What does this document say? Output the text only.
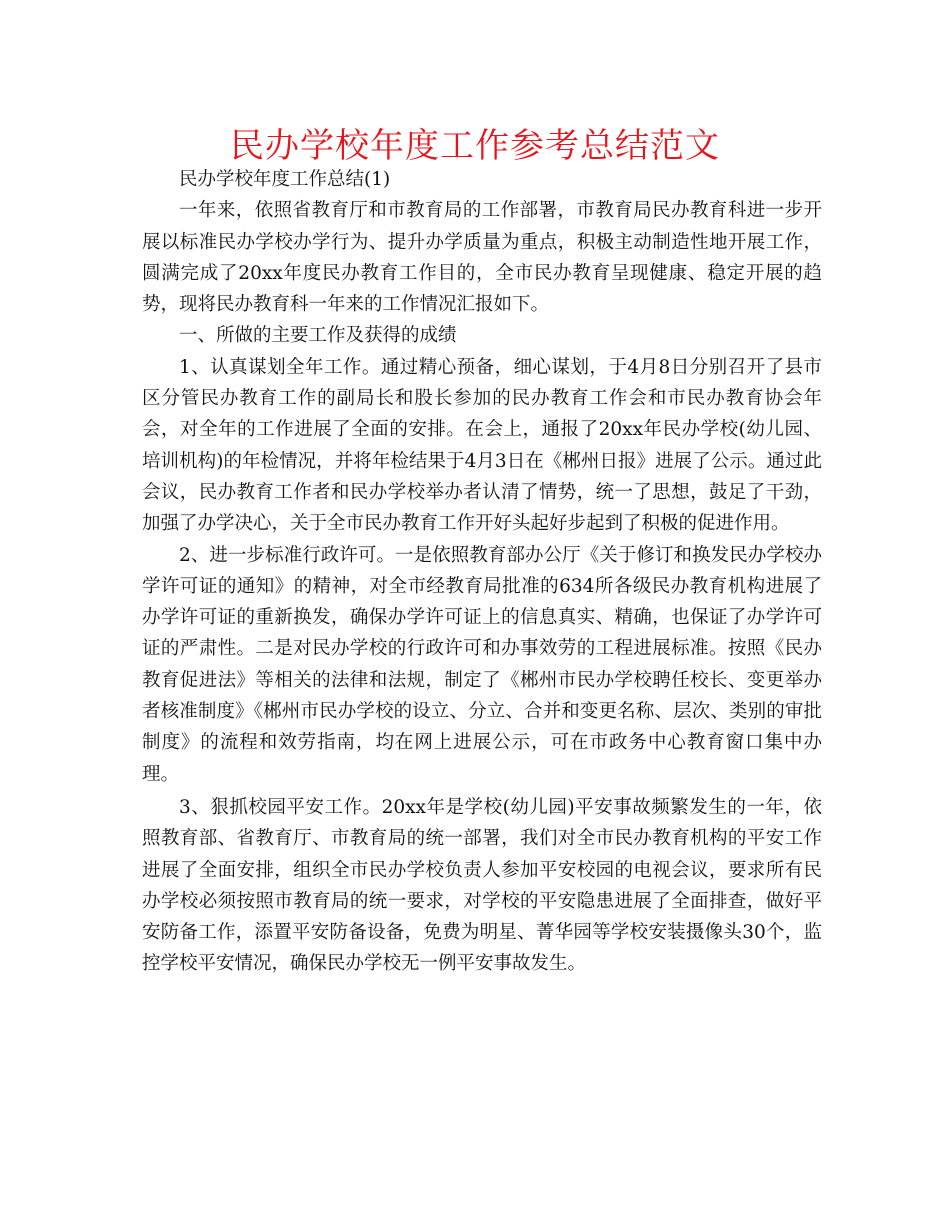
民办学校年度工作参考总结范文

民办学校年度工作总结(1)

一年来，依照省教育厅和市教育局的工作部署，市教育局民办教育科进一步开展以标准民办学校办学行为、提升办学质量为重点，积极主动制造性地开展工作，圆满完成了20xx年度民办教育工作目的，全市民办教育呈现健康、稳定开展的趋势，现将民办教育科一年来的工作情况汇报如下。

一、所做的主要工作及获得的成绩

1、认真谋划全年工作。通过精心预备，细心谋划，于4月8日分别召开了县市区分管民办教育工作的副局长和股长参加的民办教育工作会和市民办教育协会年会，对全年的工作进展了全面的安排。在会上，通报了20xx年民办学校(幼儿园、培训机构)的年检情况，并将年检结果于4月3日在《郴州日报》进展了公示。通过此会议，民办教育工作者和民办学校举办者认清了情势，统一了思想，鼓足了干劲，加强了办学决心，关于全市民办教育工作开好头起好步起到了积极的促进作用。

2、进一步标准行政许可。一是依照教育部办公厅《关于修订和换发民办学校办学许可证的通知》的精神，对全市经教育局批准的634所各级民办教育机构进展了办学许可证的重新换发，确保办学许可证上的信息真实、精确，也保证了办学许可证的严肃性。二是对民办学校的行政许可和办事效劳的工程进展标准。按照《民办教育促进法》等相关的法律和法规，制定了《郴州市民办学校聘任校长、变更举办者核准制度》《郴州市民办学校的设立、分立、合并和变更名称、层次、类别的审批制度》的流程和效劳指南，均在网上进展公示，可在市政务中心教育窗口集中办理。

3、狠抓校园平安工作。20xx年是学校(幼儿园)平安事故频繁发生的一年，依照教育部、省教育厅、市教育局的统一部署，我们对全市民办教育机构的平安工作进展了全面安排，组织全市民办学校负责人参加平安校园的电视会议，要求所有民办学校必须按照市教育局的统一要求，对学校的平安隐患进展了全面排查，做好平安防备工作，添置平安防备设备，免费为明星、菁华园等学校安装摄像头30个，监控学校平安情况，确保民办学校无一例平安事故发生。
